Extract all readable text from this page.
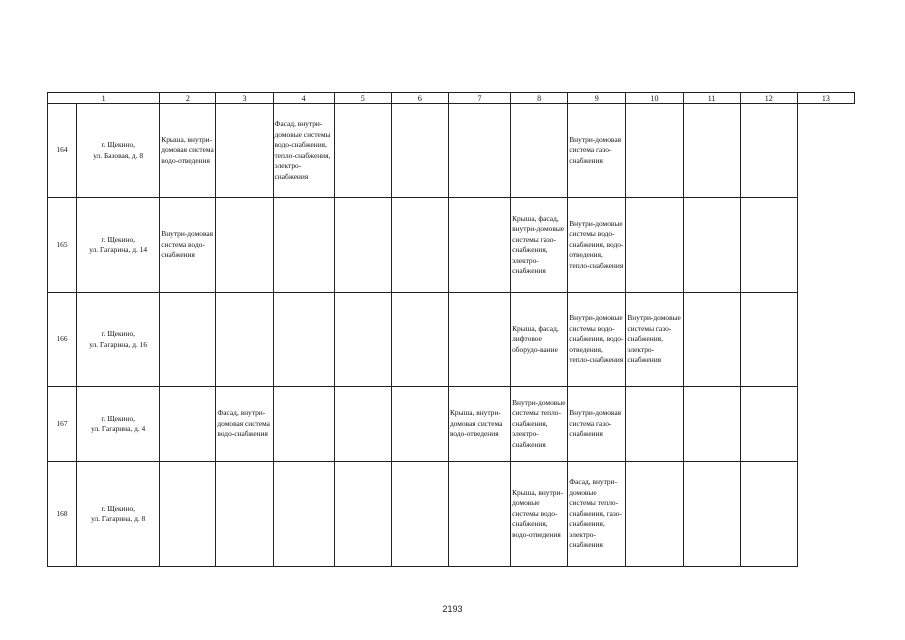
1		2	3	4	5	6	7	8	9	10	11	12	13
164	г. Щекино,
ул. Базовая, д. 8	Крыша, внутри-домовая система водо-отведения		Фасад, внутри-домовые системы водо-снабжения, тепло-снабжения, электро-снабжения					Внутри-домовая система газо-снабжения				
165	г. Щекино,
ул. Гагарина, д. 14	Внутри-домовая система водо-снабжения						Крыша, фасад, внутри-домовые системы газо-снабжения, электро-снабжения	Внутри-домовые системы водо-снабжения, водо-отведения, тепло-снабжения				
166	г. Щекино,
ул. Гагарина, д. 16							Крыша, фасад, лифтовое оборудо-вание	Внутри-домовые системы водо-снабжения, водо-отведения, тепло-снабжения	Внутри-домовые системы газо-снабжения, электро-снабжения			
167	г. Щекино,
ул. Гагарина, д. 4		Фасад, внутри-домовая система водо-снабжения				Крыша, внутри-домовая система водо-отведения	Внутри-домовые системы тепло-снабжения, электро-снабжения	Внутри-домовая система газо-снабжения				
168	г. Щекино,
ул. Гагарина, д. 8							Крыша, внутри-домовые системы водо-снабжения, водо-отведения	Фасад, внутри-домовые системы тепло-снабжения, газо-снабжения, электро-снабжения				
2193
